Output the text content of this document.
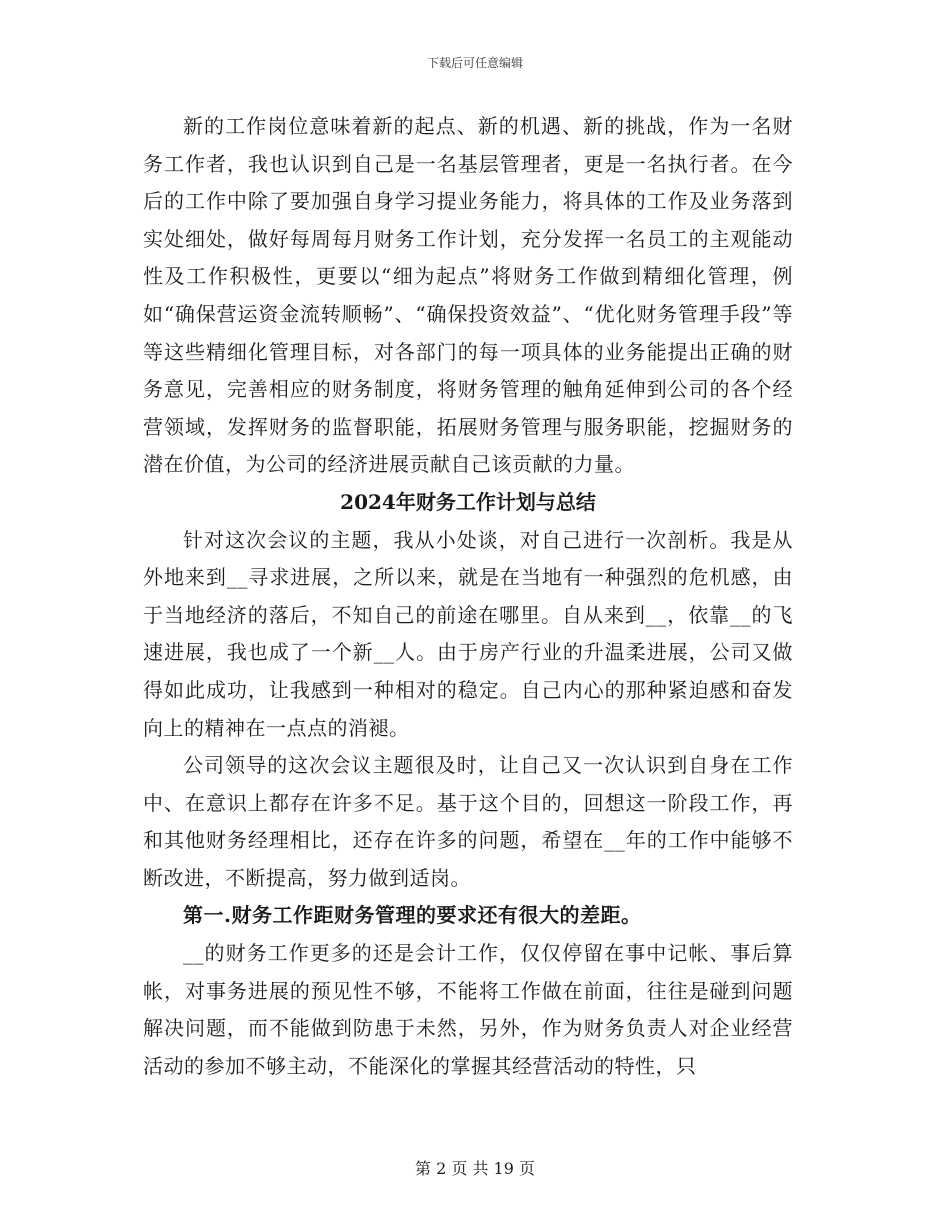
下载后可任意编辑

新的工作岗位意味着新的起点、新的机遇、新的挑战，作为一名财务工作者，我也认识到自己是一名基层管理者，更是一名执行者。在今后的工作中除了要加强自身学习提业务能力，将具体的工作及业务落到实处细处，做好每周每月财务工作计划，充分发挥一名员工的主观能动性及工作积极性，更要以“细为起点”将财务工作做到精细化管理，例如“确保营运资金流转顺畅”、“确保投资效益”、“优化财务管理手段”等等这些精细化管理目标，对各部门的每一项具体的业务能提出正确的财务意见，完善相应的财务制度，将财务管理的触角延伸到公司的各个经营领域，发挥财务的监督职能，拓展财务管理与服务职能，挖掘财务的潜在价值，为公司的经济进展贡献自己该贡献的力量。

2024年财务工作计划与总结

针对这次会议的主题，我从小处谈，对自己进行一次剖析。我是从外地来到__寻求进展，之所以来，就是在当地有一种强烈的危机感，由于当地经济的落后，不知自己的前途在哪里。自从来到__，依靠__的飞速进展，我也成了一个新__人。由于房产行业的升温柔进展，公司又做得如此成功，让我感到一种相对的稳定。自己内心的那种紧迫感和奋发向上的精神在一点点的消褪。

公司领导的这次会议主题很及时，让自己又一次认识到自身在工作中、在意识上都存在许多不足。基于这个目的，回想这一阶段工作，再和其他财务经理相比，还存在许多的问题，希望在__年的工作中能够不断改进，不断提高，努力做到适岗。

第一.财务工作距财务管理的要求还有很大的差距。

__的财务工作更多的还是会计工作，仅仅停留在事中记帐、事后算帐，对事务进展的预见性不够，不能将工作做在前面，往往是碰到问题解决问题，而不能做到防患于未然，另外，作为财务负责人对企业经营活动的参加不够主动，不能深化的掌握其经营活动的特性，只

第 2 页 共 19 页
